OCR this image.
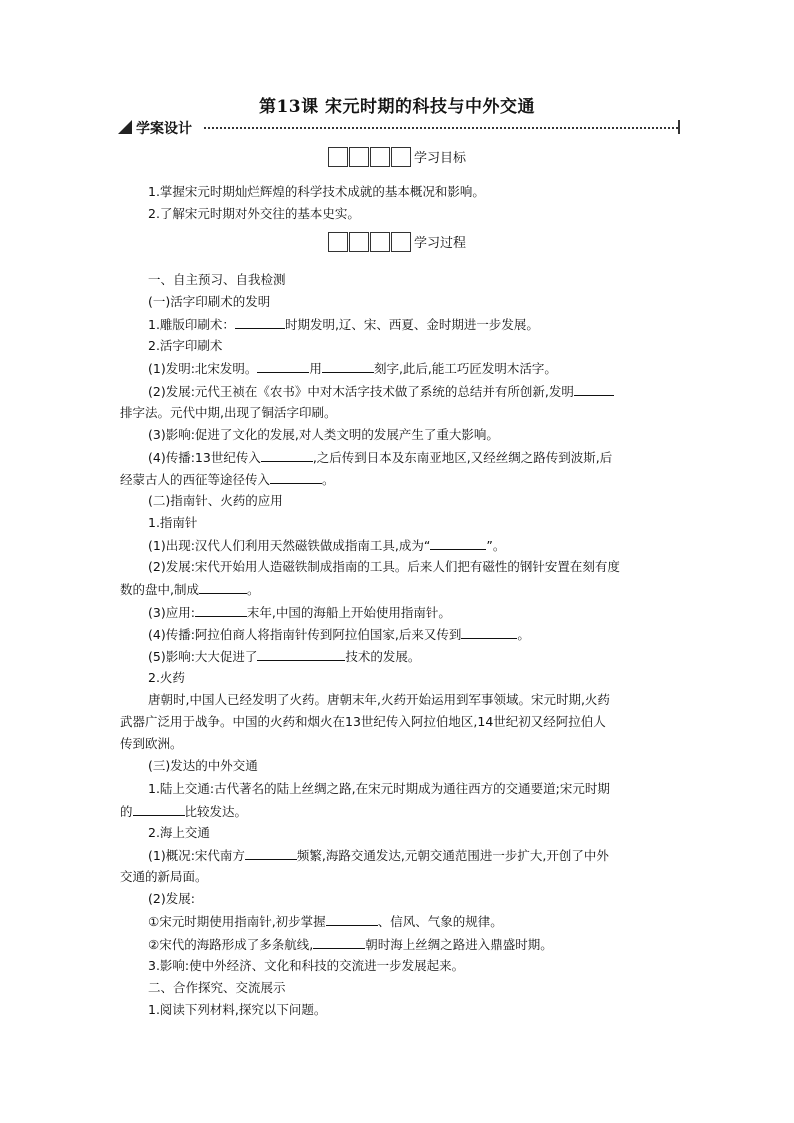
第13课 宋元时期的科技与中外交通
学案设计
学习目标
1.掌握宋元时期灿烂辉煌的科学技术成就的基本概况和影响。
2.了解宋元时期对外交往的基本史实。
学习过程
一、自主预习、自我检测
(一)活字印刷术的发明
1.雕版印刷术：	时期发明,辽、宋、西夏、金时期进一步发展。
2.活字印刷术
(1)发明:北宋发明。	用	刻字,此后,能工巧匠发明木活字。
(2)发展:元代王祯在《农书》中对木活字技术做了系统的总结并有所创新,发明
排字法。元代中期,出现了铜活字印刷。
(3)影响:促进了文化的发展,对人类文明的发展产生了重大影响。
(4)传播:13世纪传入	,之后传到日本及东南亚地区,又经丝绸之路传到波斯,后
经蒙古人的西征等途径传入	。
(二)指南针、火药的应用
1.指南针
(1)出现:汉代人们利用天然磁铁做成指南工具,成为“	”。
(2)发展:宋代开始用人造磁铁制成指南的工具。后来人们把有磁性的钢针安置在刻有度
数的盘中,制成	。
(3)应用:	末年,中国的海船上开始使用指南针。
(4)传播:阿拉伯商人将指南针传到阿拉伯国家,后来又传到	。
(5)影响:大大促进了	技术的发展。
2.火药
唐朝时,中国人已经发明了火药。唐朝末年,火药开始运用到军事领域。宋元时期,火药
武器广泛用于战争。中国的火药和烟火在13世纪传入阿拉伯地区,14世纪初又经阿拉伯人
传到欧洲。
(三)发达的中外交通
1.陆上交通:古代著名的陆上丝绸之路,在宋元时期成为通往西方的交通要道;宋元时期
的	比较发达。
2.海上交通
(1)概况:宋代南方	频繁,海路交通发达,元朝交通范围进一步扩大,开创了中外
交通的新局面。
(2)发展:
①宋元时期使用指南针,初步掌握	、信风、气象的规律。
②宋代的海路形成了多条航线,	朝时海上丝绸之路进入鼎盛时期。
3.影响:使中外经济、文化和科技的交流进一步发展起来。
二、合作探究、交流展示
1.阅读下列材料,探究以下问题。
